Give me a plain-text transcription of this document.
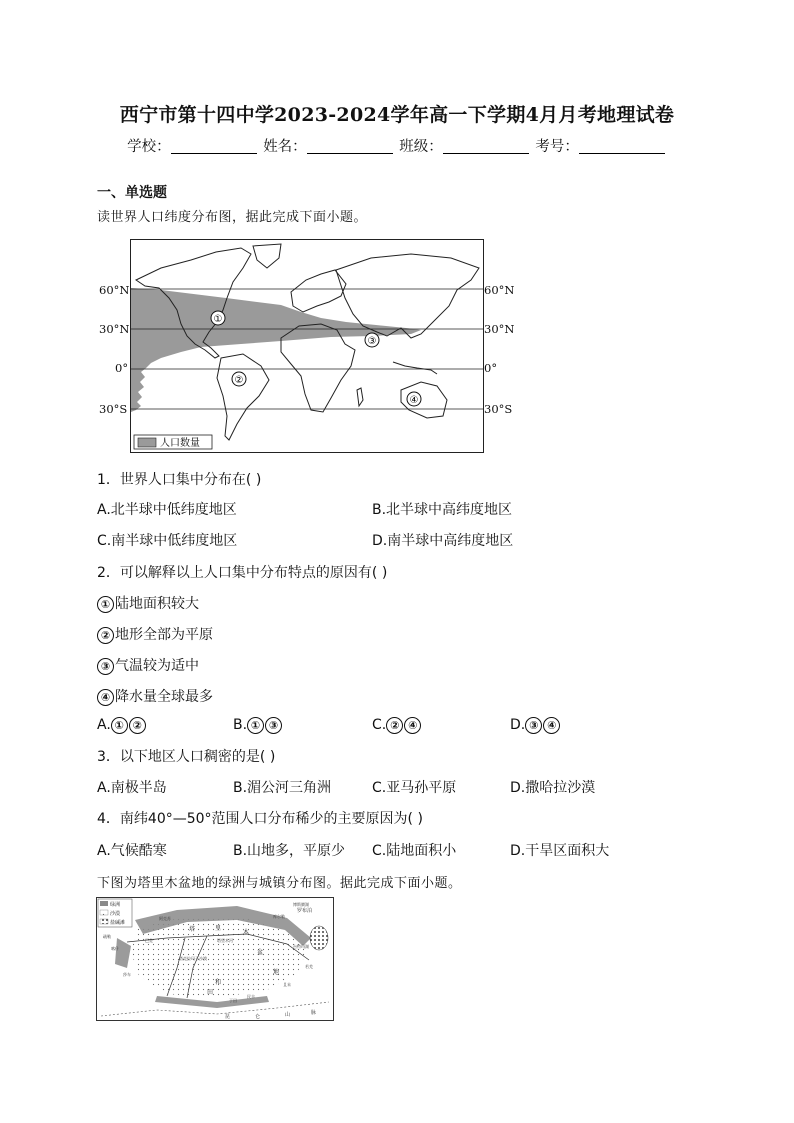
西宁市第十四中学2023-2024学年高一下学期4月月考地理试卷
学校：	姓名：	班级：	考号：
一、单选题
读世界人口纬度分布图，据此完成下面小题。
60°N
30°N
0°
30°S
60°N
30°N
0°
30°S
①
②
③
④
人口数量
1．世界人口集中分布在( )
A.北半球中低纬度地区	B.北半球中高纬度地区
C.南半球中低纬度地区	D.南半球中高纬度地区
2．可以解释以上人口集中分布特点的原因有( )
① 陆地面积较大
② 地形全部为平原
③ 气温较为适中
④ 降水量全球最多
A. ① ②	B. ① ③	C. ② ④	D. ③ ④
3．以下地区人口稠密的是( )
A.南极半岛	B.湄公河三角洲	C.亚马孙平原	D.撒哈拉沙漠
4．南纬40°—50°范围人口分布稀少的主要原因为( )
A.气候酷寒	B.山地多，平原少 C.陆地面积小	D.干旱区面积大
下图为塔里木盆地的绿洲与城镇分布图。据此完成下面小题。
绿洲
沙漠
盐碱滩
塔	里
木
盆
地
罗布泊
和
田
昆	仑	山	脉
喀什
且末
若羌
库尔勒
阿克苏
巴楚
台特玛湖
塔克拉玛干沙漠
塔里木河
博斯腾湖
疏勒
莎车
民丰
于田
